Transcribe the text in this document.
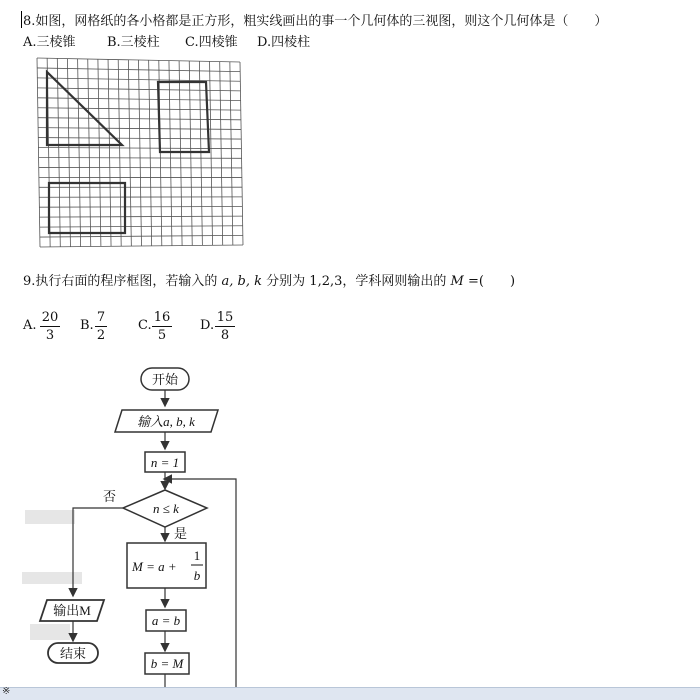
8.如图，网格纸的各小格都是正方形，粗实线画出的事一个几何体的三视图，则这个几何体是（　　）
A.三棱锥 B.三棱柱 C.四棱锥 D.四棱柱
9.执行右面的程序框图，若输入的 a, b, k 分别为 1,2,3，学科网则输出的 M =(　　)
A.
20
3
B.
7
2
C.
16
5
D.
15
8
开始
输入a, b, k
n = 1
n ≤ k
否
是
M = a +
1
b
a = b
b = M
输出M
结束
※
